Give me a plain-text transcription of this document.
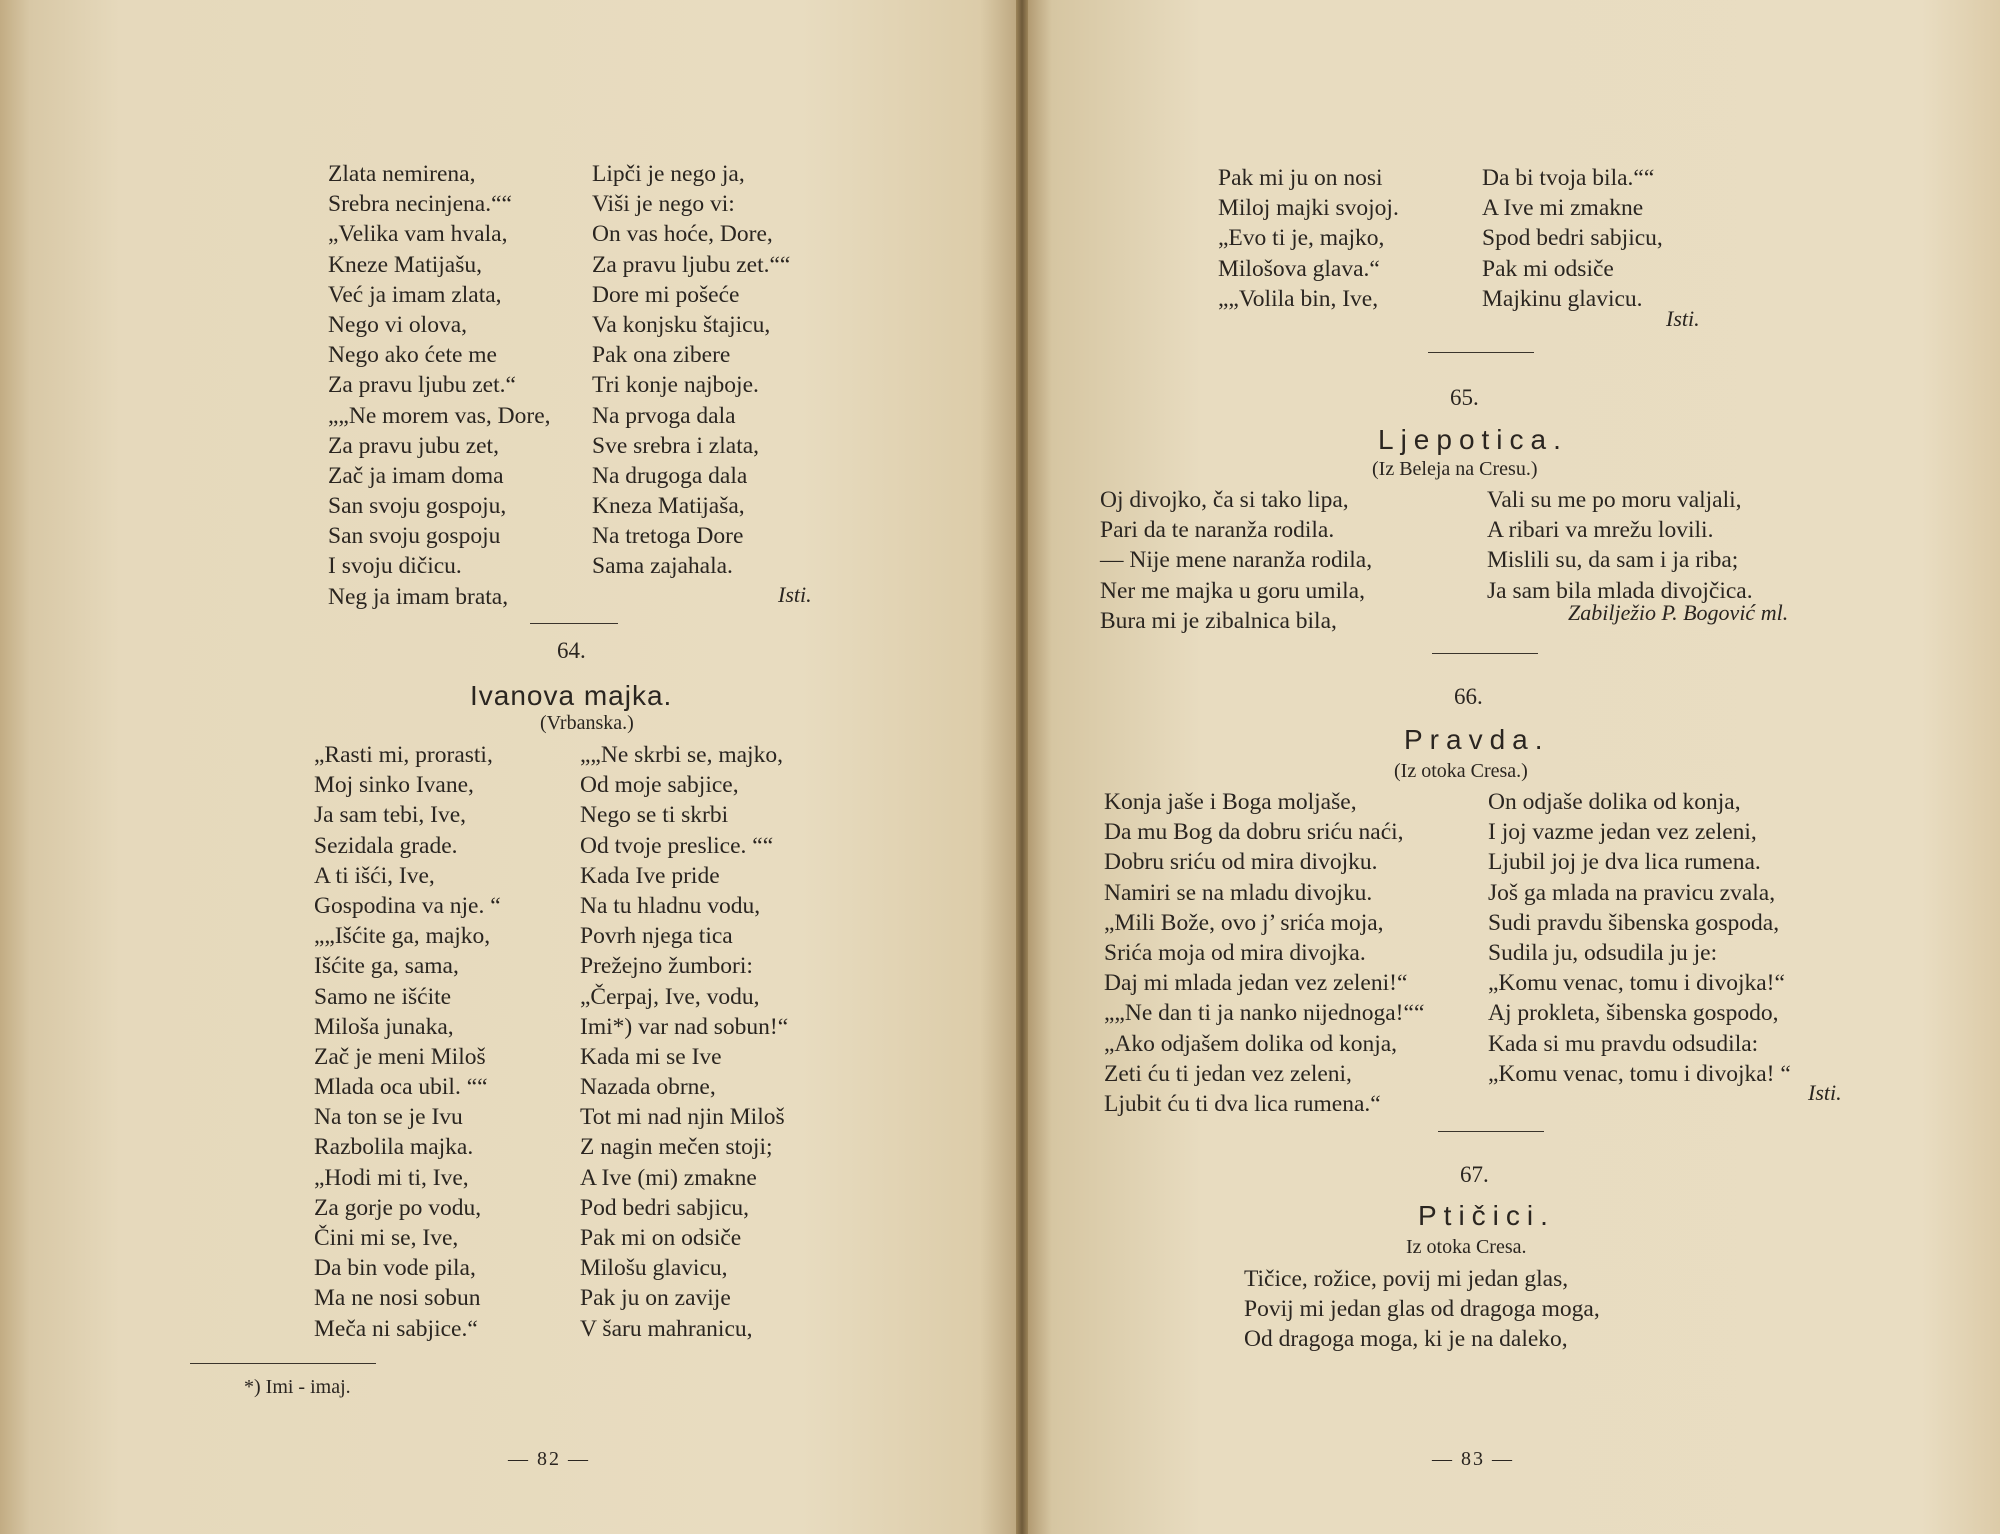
Zlata nemirena,
Srebra necinjena.““
„Velika vam hvala,
Kneze Matijašu,
Već ja imam zlata,
Nego vi olova,
Nego ako ćete me
Za pravu ljubu zet.“
„„Ne morem vas, Dore,
Za pravu jubu zet,
Zač ja imam doma
San svoju gospoju,
San svoju gospoju
I svoju dičicu.
Neg ja imam brata,
Lipči je nego ja,
Viši je nego vi:
On vas hoće, Dore,
Za pravu ljubu zet.““
Dore mi pošeće
Va konjsku štajicu,
Pak ona zibere
Tri konje najboje.
Na prvoga dala
Sve srebra i zlata,
Na drugoga dala
Kneza Matijaša,
Na tretoga Dore
Sama zajahala.
Isti.
64.
Ivanova majka.
(Vrbanska.)
„Rasti mi, prorasti,
Moj sinko Ivane,
Ja sam tebi, Ive,
Sezidala grade.
A ti išći, Ive,
Gospodina va nje. “
„„Išćite ga, majko,
Išćite ga, sama,
Samo ne išćite
Miloša junaka,
Zač je meni Miloš
Mlada oca ubil. ““
Na ton se je Ivu
Razbolila majka.
„Hodi mi ti, Ive,
Za gorje po vodu,
Čini mi se, Ive,
Da bin vode pila,
Ma ne nosi sobun
Meča ni sabjice.“
„„Ne skrbi se, majko,
Od moje sabjice,
Nego se ti skrbi
Od tvoje preslice. ““
Kada Ive pride
Na tu hladnu vodu,
Povrh njega tica
Prežejno žumbori:
„Čerpaj, Ive, vodu,
Imi*) var nad sobun!“
Kada mi se Ive
Nazada obrne,
Tot mi nad njin Miloš
Z nagin mečen stoji;
A Ive (mi) zmakne
Pod bedri sabjicu,
Pak mi on odsiče
Milošu glavicu,
Pak ju on zavije
V šaru mahranicu,
*) Imi - imaj.
— 82 —
Pak mi ju on nosi
Miloj majki svojoj.
„Evo ti je, majko,
Milošova glava.“
„„Volila bin, Ive,
Da bi tvoja bila.““
A Ive mi zmakne
Spod bedri sabjicu,
Pak mi odsiče
Majkinu glavicu.
Isti.
65.
Ljepotica.
(Iz Beleja na Cresu.)
Oj divojko, ča si tako lipa,
Pari da te naranža rodila.
— Nije mene naranža rodila,
Ner me majka u goru umila,
Bura mi je zibalnica bila,
Vali su me po moru valjali,
A ribari va mrežu lovili.
Mislili su, da sam i ja riba;
Ja sam bila mlada divojčica.
Zabilježio P. Bogović ml.
66.
Pravda.
(Iz otoka Cresa.)
Konja jaše i Boga moljaše,
Da mu Bog da dobru sriću naći,
Dobru sriću od mira divojku.
Namiri se na mladu divojku.
„Mili Bože, ovo j’ srića moja,
Srića moja od mira divojka.
Daj mi mlada jedan vez zeleni!“
„„Ne dan ti ja nanko nijednoga!““
„Ako odjašem dolika od konja,
Zeti ću ti jedan vez zeleni,
Ljubit ću ti dva lica rumena.“
On odjaše dolika od konja,
I joj vazme jedan vez zeleni,
Ljubil joj je dva lica rumena.
Još ga mlada na pravicu zvala,
Sudi pravdu šibenska gospoda,
Sudila ju, odsudila ju je:
„Komu venac, tomu i divojka!“
Aj prokleta, šibenska gospodo,
Kada si mu pravdu odsudila:
„Komu venac, tomu i divojka! “
Isti.
67.
Ptičici.
Iz otoka Cresa.
Tičice, rožice, povij mi jedan glas,
Povij mi jedan glas od dragoga moga,
Od dragoga moga, ki je na daleko,
— 83 —
